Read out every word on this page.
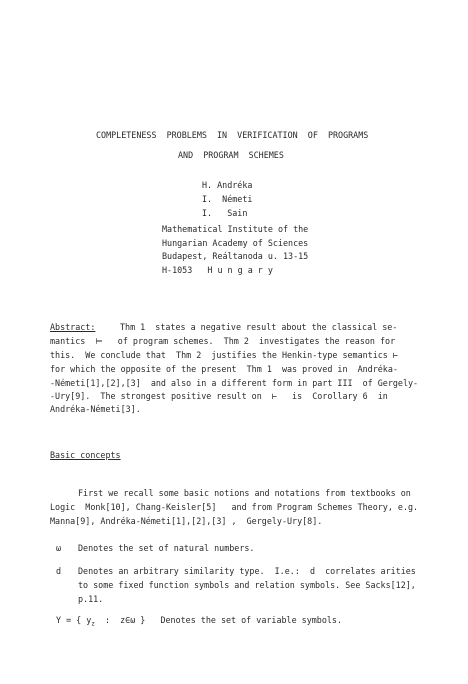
COMPLETENESS  PROBLEMS  IN  VERIFICATION  OF  PROGRAMS
AND  PROGRAM  SCHEMES
H. Andréka
I.  Németi
I.   Sain
Mathematical Institute of the
Hungarian Academy of Sciences
Budapest, Reáltanoda u. 13-15
H-1053   H u n g a r y
Abstract:	Thm 1  states a negative result about the classical se-
mantics  ⊨   of program schemes.  Thm 2  investigates the reason for
this.  We conclude that  Thm 2  justifies the Henkin-type semantics ⊢
for which the opposite of the present  Thm 1  was proved in  Andréka-
-Németi[1],[2],[3]  and also in a different form in part III  of Gergely-
-Ury[9].  The strongest positive result on  ⊢   is  Corollary 6  in
Andréka-Németi[3].
Basic concepts
First we recall some basic notions and notations from textbooks on
Logic  Monk[10], Chang-Keisler[5]   and from Program Schemes Theory, e.g.
Manna[9], Andréka-Németi[1],[2],[3] ,  Gergely-Ury[8].
ω Denotes the set of natural numbers.
d Denotes an arbitrary similarity type.  I.e.:  d  correlates arities
to some fixed function symbols and relation symbols. See Sacks[12],
p.11.
Y = { $y_z$  :  z∈ω }   Denotes the set of variable symbols.
